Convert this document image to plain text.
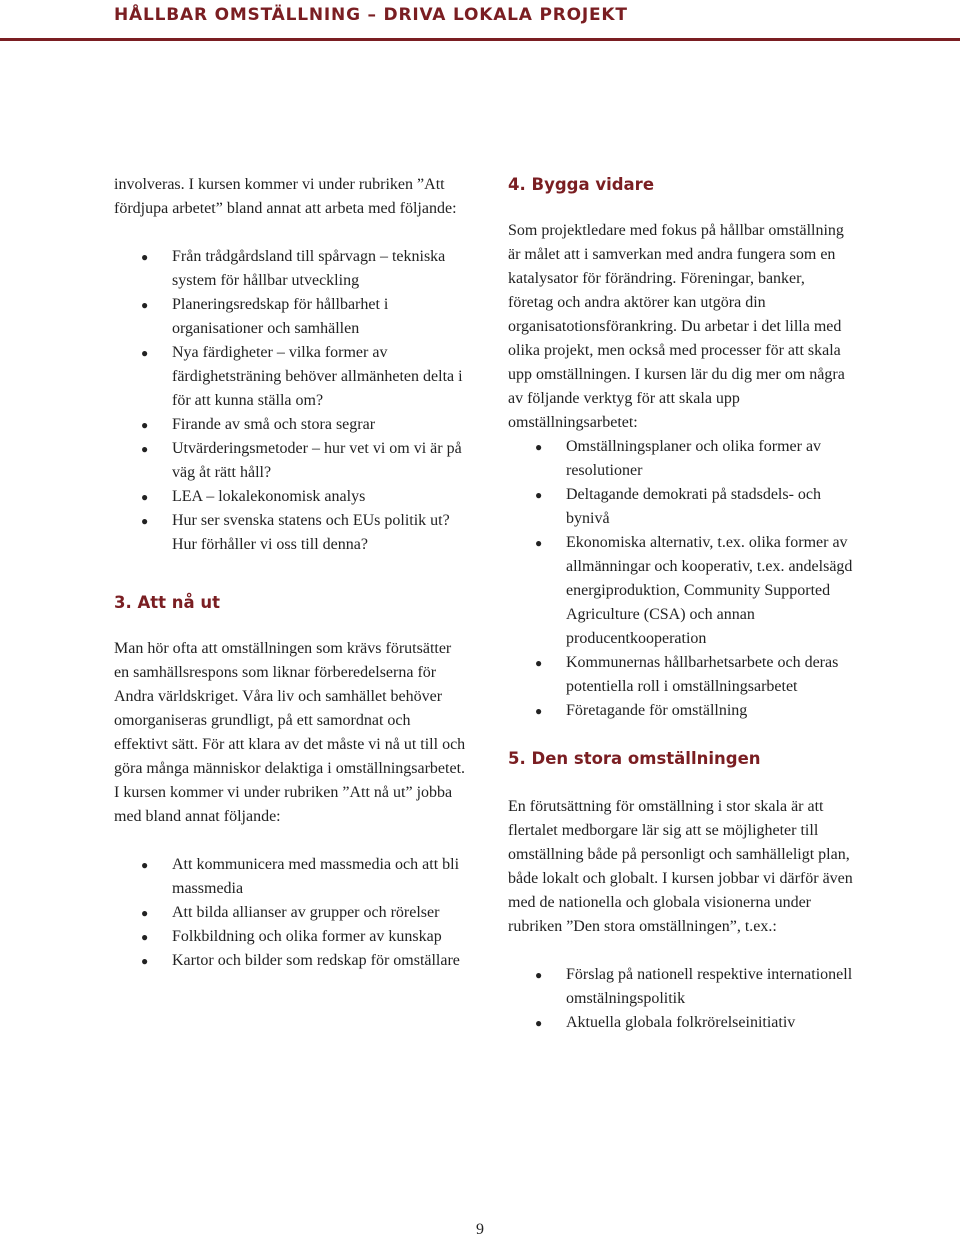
HÅLLBAR OMSTÄLLNING – DRIVA LOKALA PROJEKT

involveras. I kursen kommer vi under rubriken ”Att fördjupa arbetet” bland annat att arbeta med följande:

● Från trådgårdsland till spårvagn – tekniska system för hållbar utveckling
● Planeringsredskap för hållbarhet i organisationer och samhällen
● Nya färdigheter – vilka former av färdighetsträning behöver allmänheten delta i för att kunna ställa om?
● Firande av små och stora segrar
● Utvärderingsmetoder – hur vet vi om vi är på väg åt rätt håll?
● LEA – lokalekonomisk analys
● Hur ser svenska statens och EUs politik ut? Hur förhåller vi oss till denna?
3. Att nå ut

Man hör ofta att omställningen som krävs förutsätter en samhällsrespons som liknar förberedelserna för Andra världskriget. Våra liv och samhället behöver omorganiseras grundligt, på ett samordnat och effektivt sätt. För att klara av det måste vi nå ut till och göra många människor delaktiga i omställningsarbetet. I kursen kommer vi under rubriken ”Att nå ut” jobba med bland annat följande:

● Att kommunicera med massmedia och att bli massmedia
● Att bilda allianser av grupper och rörelser
● Folkbildning och olika former av kunskap
● Kartor och bilder som redskap för omställare
4. Bygga vidare

Som projektledare med fokus på hållbar omställning är målet att i samverkan med andra fungera som en katalysator för förändring. Föreningar, banker, företag och andra aktörer kan utgöra din organisatotionsförankring. Du arbetar i det lilla med olika projekt, men också med processer för att skala upp omställningen. I kursen lär du dig mer om några av följande verktyg för att skala upp omställningsarbetet:

● Omställningsplaner och olika former av resolutioner
● Deltagande demokrati på stadsdels- och bynivå
● Ekonomiska alternativ, t.ex. olika former av allmänningar och kooperativ, t.ex. andelsägd energiproduktion, Community Supported Agriculture (CSA) och annan producentkooperation
● Kommunernas hållbarhetsarbete och deras potentiella roll i omställningsarbetet
● Företagande för omställning
5. Den stora omställningen

En förutsättning för omställning i stor skala är att flertalet medborgare lär sig att se möjligheter till omställning både på personligt och samhälleligt plan, både lokalt och globalt. I kursen jobbar vi därför även med de nationella och globala visionerna under rubriken ”Den stora omställningen”, t.ex.:

● Förslag på nationell respektive internationell omstälningspolitik
● Aktuella globala folkrörelseinitiativ
9
